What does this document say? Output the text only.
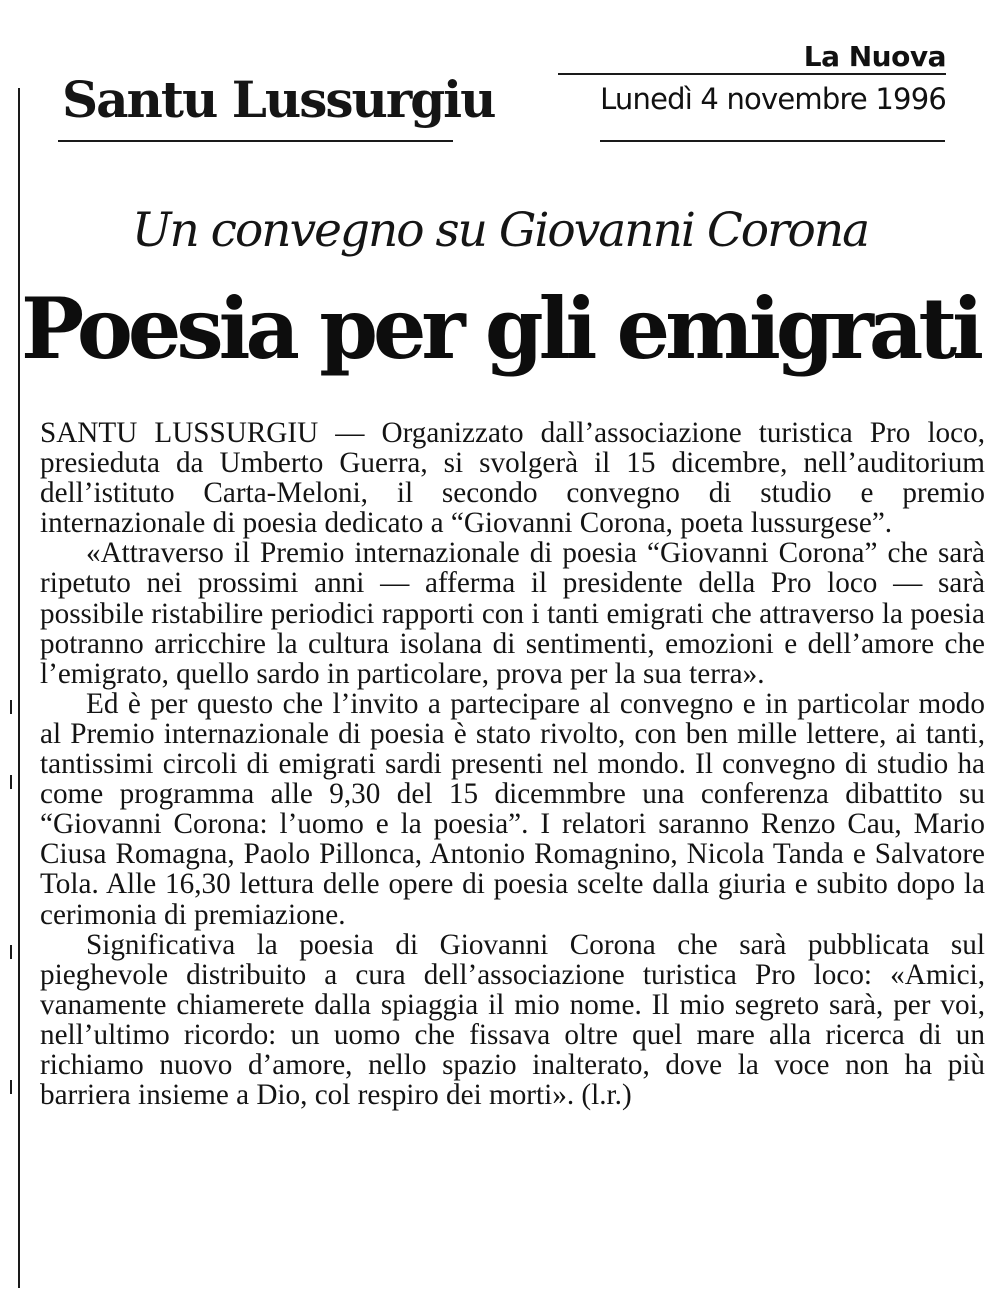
La Nuova
Lunedì 4 novembre 1996
Santu Lussurgiu
Un convegno su Giovanni Corona
Poesia per gli emigrati

SANTU LUSSURGIU — Organizzato dall’associazione turistica Pro loco, presieduta da Umberto Guerra, si svolgerà il 15 dicembre, nell’auditorium dell’istituto Carta-Meloni, il secondo convegno di studio e premio internazionale di poesia dedicato a “Giovanni Corona, poeta lussurgese”.

«Attraverso il Premio internazionale di poesia “Giovanni Corona” che sarà ripetuto nei prossimi anni — afferma il presidente della Pro loco — sarà possibile ristabilire periodici rapporti con i tanti emigrati che attraverso la poesia potranno arricchire la cultura isolana di sentimenti, emozioni e dell’amore che l’emigrato, quello sardo in particolare, prova per la sua terra».

Ed è per questo che l’invito a partecipare al convegno e in particolar modo al Premio internazionale di poesia è stato rivolto, con ben mille lettere, ai tanti, tantissimi circoli di emigrati sardi presenti nel mondo. Il convegno di studio ha come programma alle 9,30 del 15 dicemmbre una conferenza dibattito su “Giovanni Corona: l’uomo e la poesia”. I relatori saranno Renzo Cau, Mario Ciusa Romagna, Paolo Pillonca, Antonio Romagnino, Nicola Tanda e Salvatore Tola. Alle 16,30 lettura delle opere di poesia scelte dalla giuria e subito dopo la cerimonia di premiazione.

Significativa la poesia di Giovanni Corona che sarà pubblicata sul pieghevole distribuito a cura dell’associazione turistica Pro loco: «Amici, vanamente chiamerete dalla spiaggia il mio nome. Il mio segreto sarà, per voi, nell’ultimo ricordo: un uomo che fissava oltre quel mare alla ricerca di un richiamo nuovo d’amore, nello spazio inalterato, dove la voce non ha più barriera insieme a Dio, col respiro dei morti». (l.r.)
